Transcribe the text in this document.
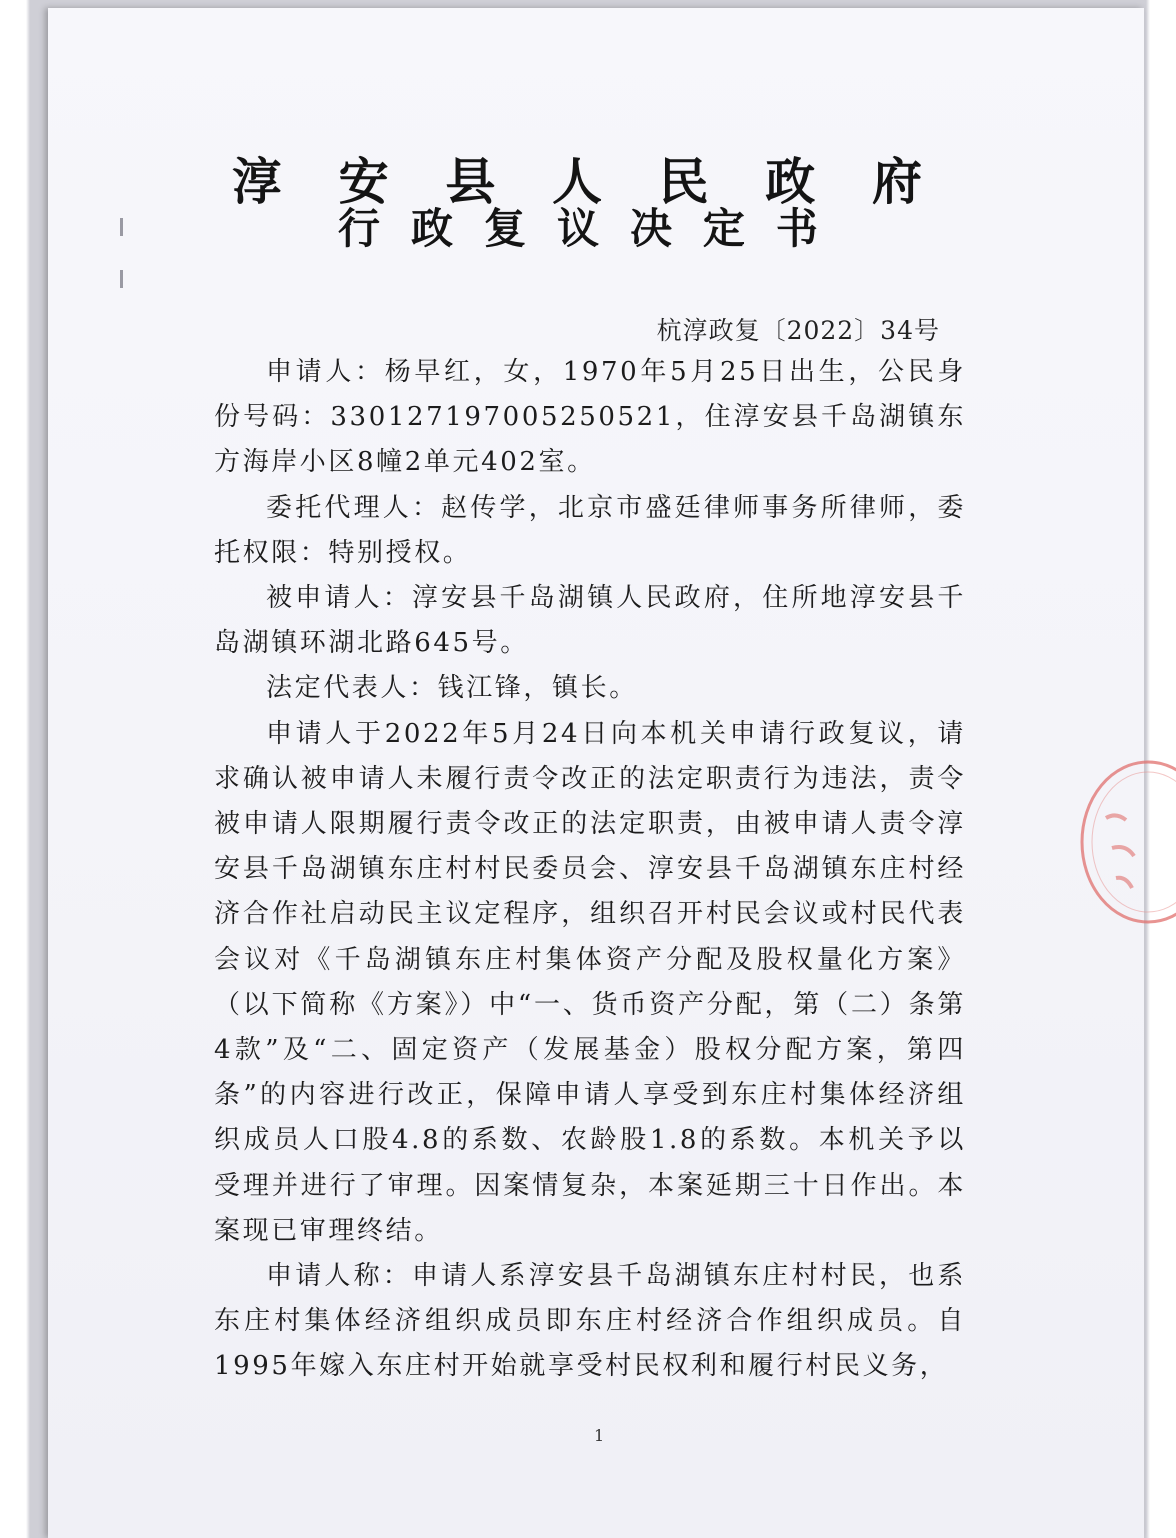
淳 安 县 人 民 政 府
行 政 复 议 决 定 书
杭淳政复〔2022〕34号

申请人：杨早红，女，1970年5月25日出生，公民身份号码：330127197005250521，住淳安县千岛湖镇东方海岸小区8幢2单元402室。

委托代理人：赵传学，北京市盛廷律师事务所律师，委托权限：特别授权。

被申请人：淳安县千岛湖镇人民政府，住所地淳安县千岛湖镇环湖北路645号。

法定代表人：钱江锋，镇长。

申请人于2022年5月24日向本机关申请行政复议，请求确认被申请人未履行责令改正的法定职责行为违法，责令被申请人限期履行责令改正的法定职责，由被申请人责令淳安县千岛湖镇东庄村村民委员会、淳安县千岛湖镇东庄村经济合作社启动民主议定程序，组织召开村民会议或村民代表会议对《千岛湖镇东庄村集体资产分配及股权量化方案》（以下简称《方案》）中“一、货币资产分配，第（二）条第4款”及“二、固定资产（发展基金）股权分配方案，第四条”的内容进行改正，保障申请人享受到东庄村集体经济组织成员人口股4.8的系数、农龄股1.8的系数。本机关予以受理并进行了审理。因案情复杂，本案延期三十日作出。本案现已审理终结。

申请人称：申请人系淳安县千岛湖镇东庄村村民，也系东庄村集体经济组织成员即东庄村经济合作组织成员。自1995年嫁入东庄村开始就享受村民权利和履行村民义务，

1
